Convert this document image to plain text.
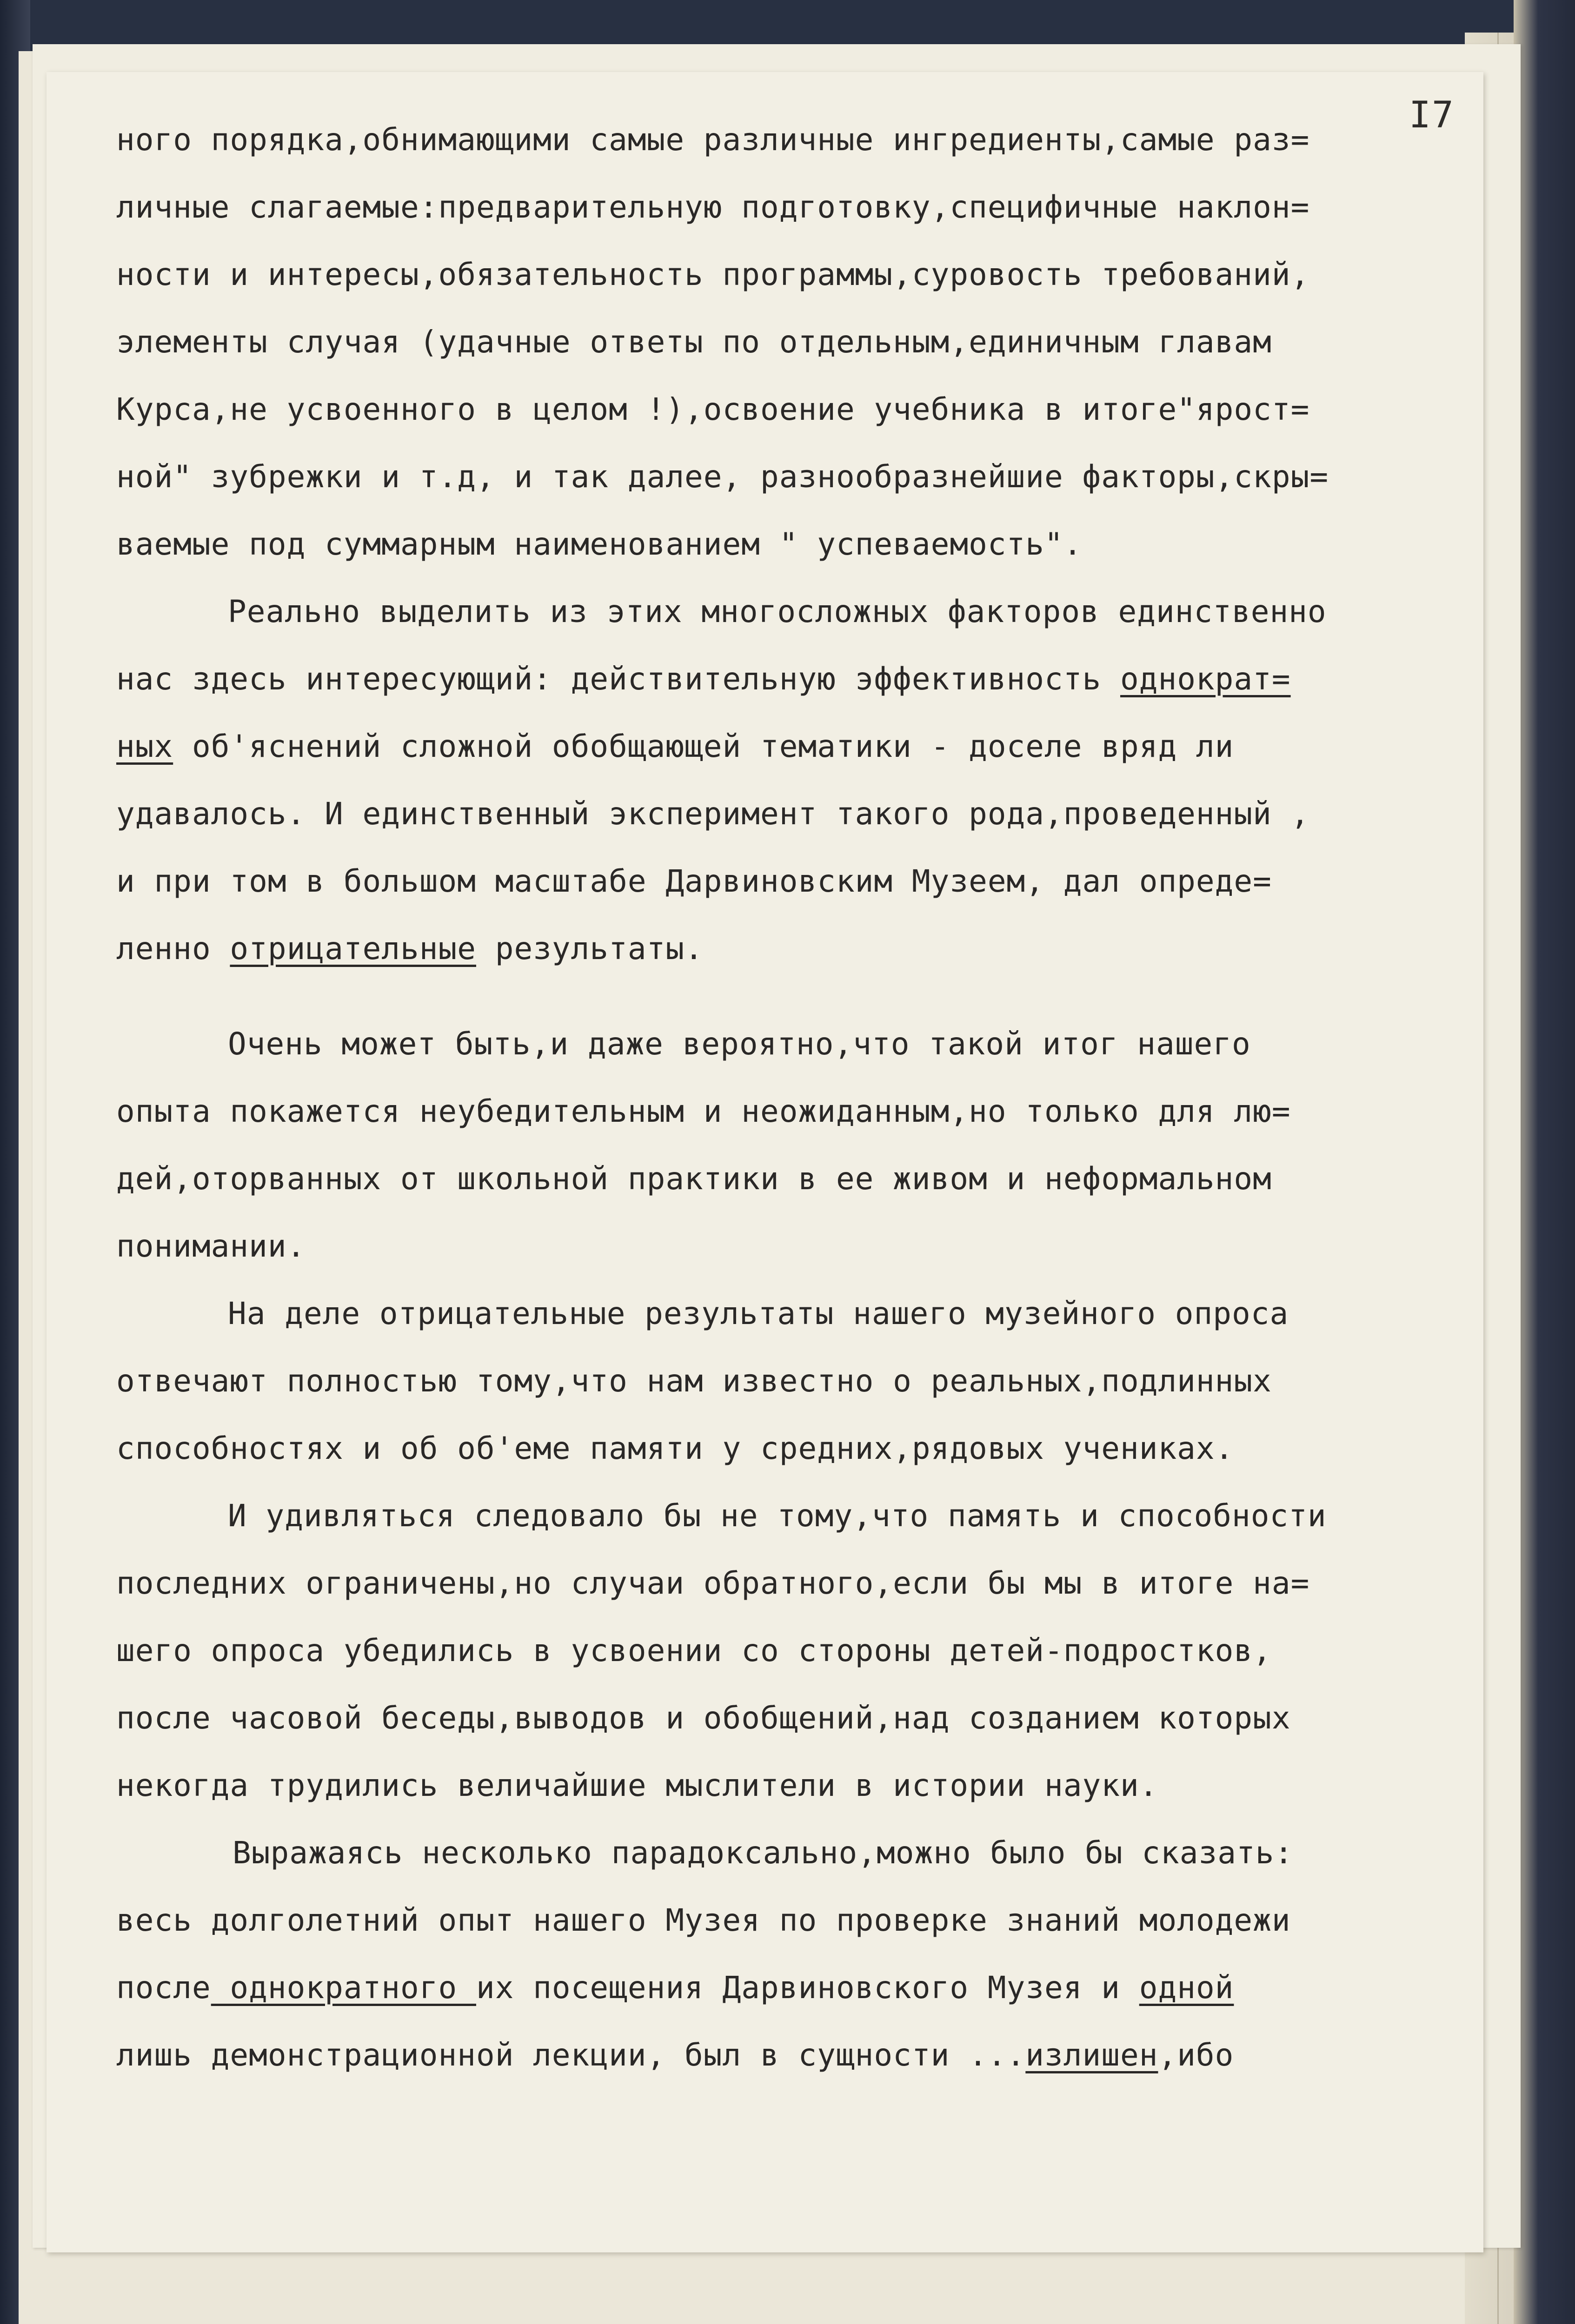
I7
ного порядка,обнимающими самые различные ингредиенты,самые раз=
личные слагаемые:предварительную подготовку,специфичные наклон=
ности и интересы,обязательность программы,суровость требований,
элементы случая (удачные ответы по отдельным,единичным главам
Курса,не усвоенного в целом !),освоение учебника в итоге"ярост=
ной" зубрежки и т.д, и так далее, разнообразнейшие факторы,скры=
ваемые под суммарным наименованием " успеваемость".
Реально выделить из этих многосложных факторов единственно
нас здесь интересующий: действительную эффективность однократ=
ных об'яснений сложной обобщающей тематики - доселе вряд ли
удавалось. И единственный эксперимент такого рода,проведенный ,
и при том в большом масштабе Дарвиновским Музеем, дал опреде=
ленно отрицательные результаты.
Очень может быть,и даже вероятно,что такой итог нашего
опыта покажется неубедительным и неожиданным,но только для лю=
дей,оторванных от школьной практики в ее живом и неформальном
понимании.
На деле отрицательные результаты нашего музейного опроса
отвечают полностью тому,что нам известно о реальных,подлинных
способностях и об об'еме памяти у средних,рядовых учениках.
И удивляться следовало бы не тому,что память и способности
последних ограничены,но случаи обратного,если бы мы в итоге на=
шего опроса убедились в усвоении со стороны детей-подростков,
после часовой беседы,выводов и обобщений,над созданием которых
некогда трудились величайшие мыслители в истории науки.
Выражаясь несколько парадоксально,можно было бы сказать:
весь долголетний опыт нашего Музея по проверке знаний молодежи
после однократного их посещения Дарвиновского Музея и одной
лишь демонстрационной лекции, был в сущности ...излишен,ибо
